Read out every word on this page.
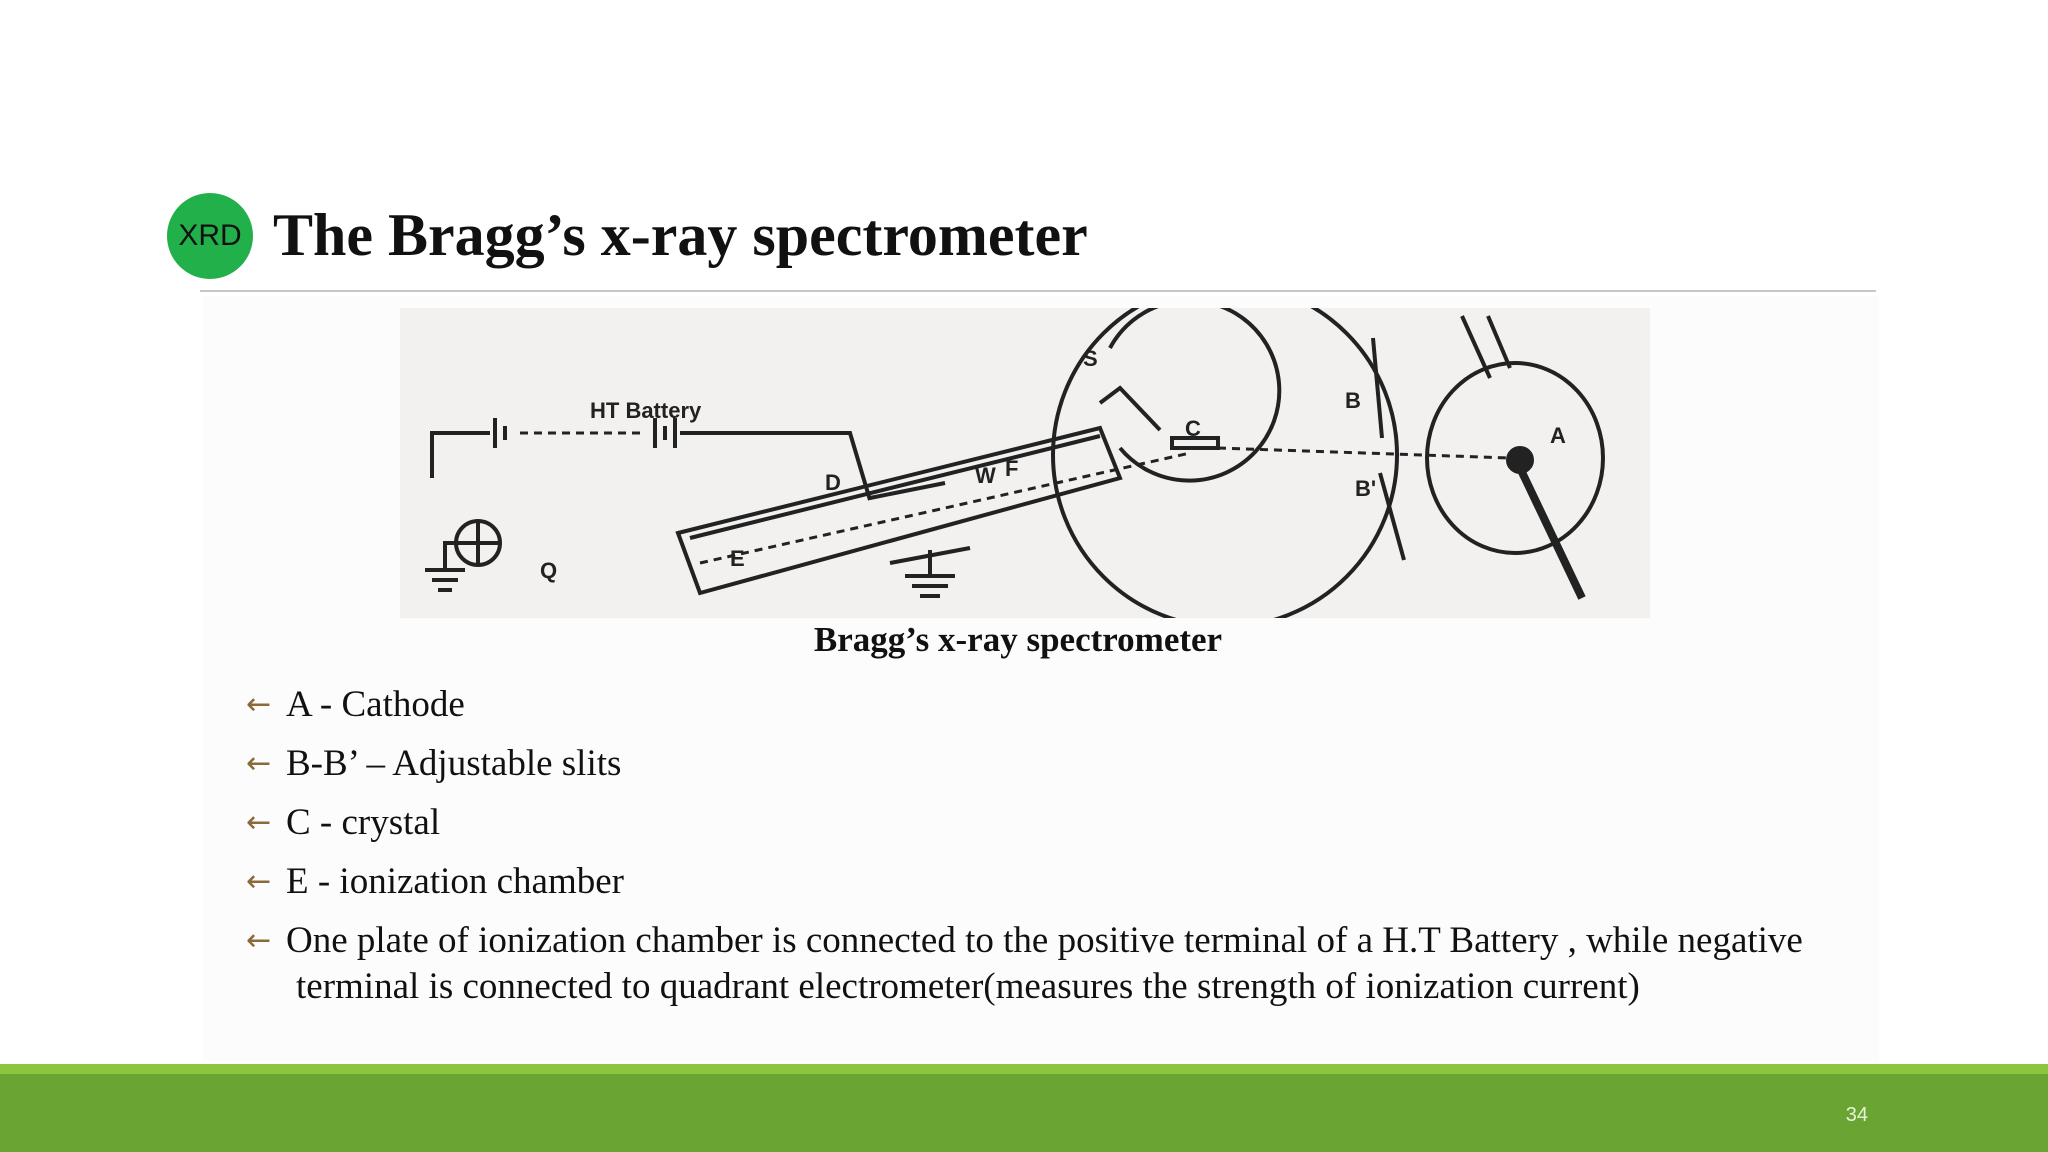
XRD The Bragg’s x-ray spectrometer
S
C
B
B'
A
HT Battery
D	W F
E
Q

Bragg’s x-ray spectrometer

← A - Cathode
← B-B’ – Adjustable slits
← C - crystal
← E - ionization chamber
← One plate of ionization chamber is connected to the positive terminal of a H.T Battery , while negative
terminal is connected to quadrant electrometer(measures the strength of ionization current)
34
